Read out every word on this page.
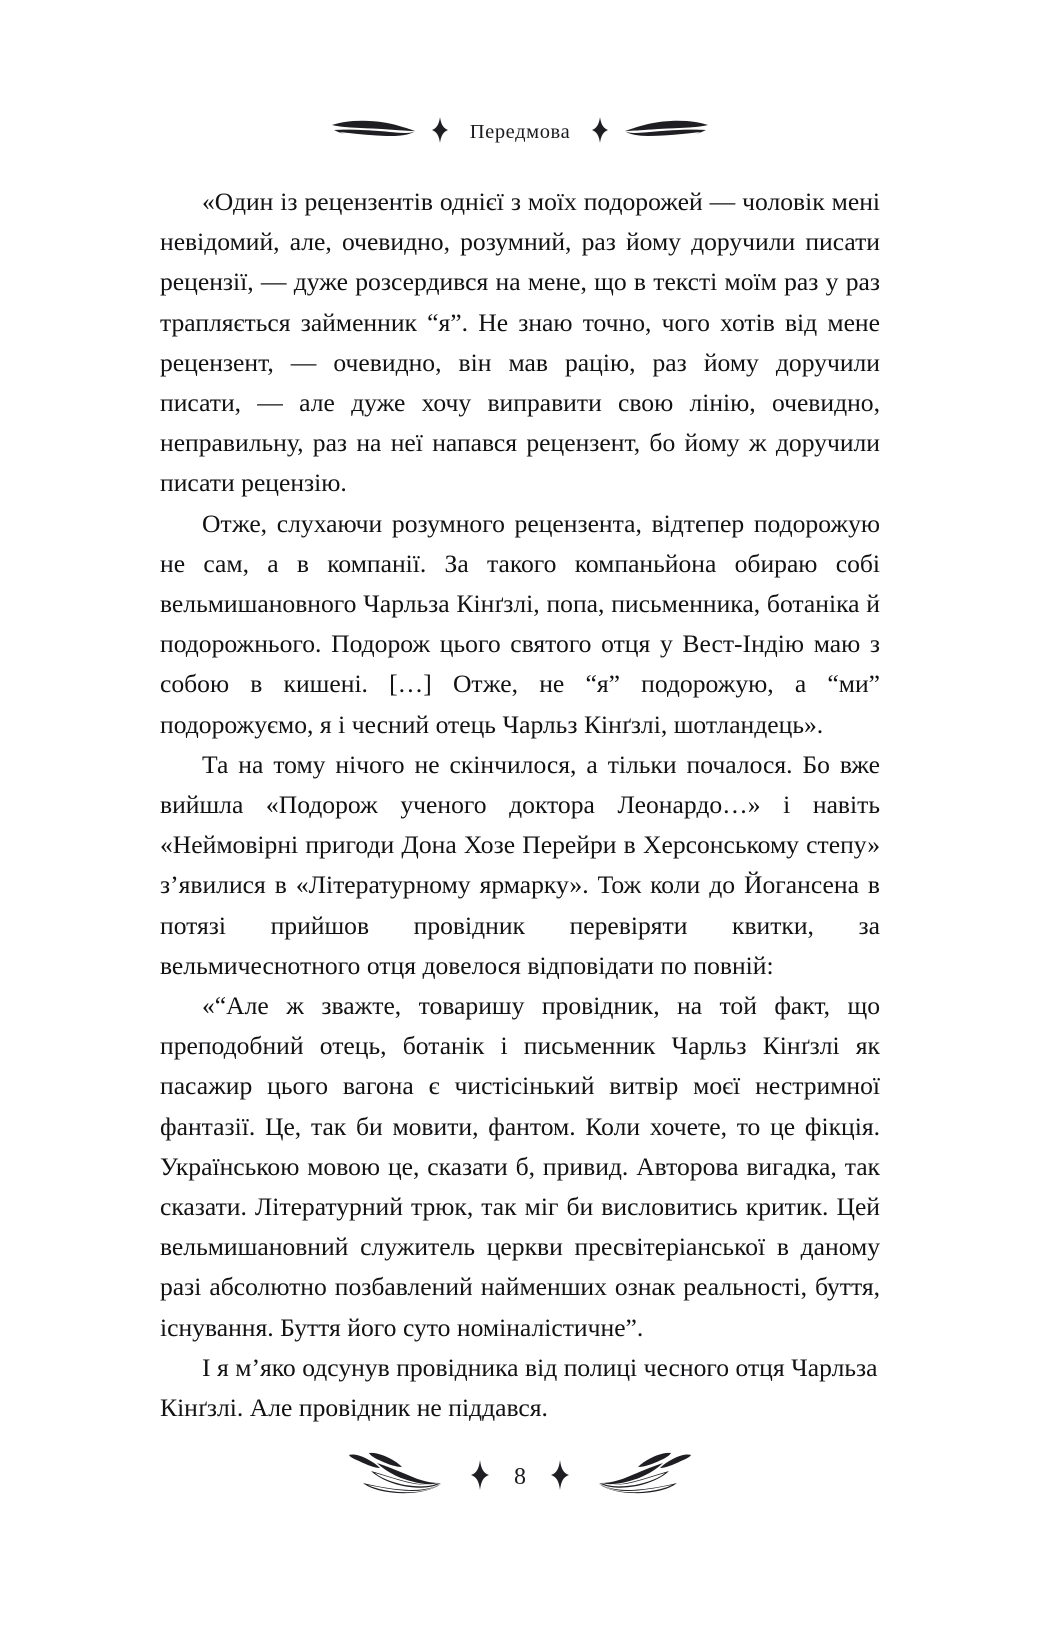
Передмова

«Один із рецензентів однієї з моїх подорожей — чоловік мені невідомий, але, очевидно, розумний, раз йому доручили писати рецензії, — дуже розсердився на мене, що в тексті моїм раз у раз трапляється займенник “я”. Не знаю точно, чого хотів від мене рецензент, — очевидно, він мав рацію, раз йому доручили писати, — але дуже хочу виправити свою лінію, очевидно, неправильну, раз на неї напався рецензент, бо йому ж доручили писати рецензію.

Отже, слухаючи розумного рецензента, відтепер подорожую не сам, а в компанії. За такого компаньйона обираю собі вельмишановного Чарльза Кінґзлі, попа, письменника, ботаніка й подорожнього. Подорож цього святого отця у Вест-Індію маю з собою в кишені. […] Отже, не “я” подорожую, а “ми” подорожуємо, я і чесний отець Чарльз Кінґзлі, шотландець».

Та на тому нічого не скінчилося, а тільки почалося. Бо вже вийшла «Подорож ученого доктора Леонардо…» і навіть «Неймовірні пригоди Дона Хозе Перейри в Херсонському степу» з’явилися в «Літературному ярмарку». Тож коли до Йогансена в потязі прийшов провідник перевіряти квитки, за вельмичеснотного отця довелося відповідати по повній:

«“Але ж зважте, товаришу провідник, на той факт, що преподобний отець, ботанік і письменник Чарльз Кінґзлі як пасажир цього вагона є чистісінький витвір моєї нестримної фантазії. Це, так би мовити, фантом. Коли хочете, то це фікція. Українською мовою це, сказати б, привид. Авторова вигадка, так сказати. Літературний трюк, так міг би висловитись критик. Цей вельмишановний служитель церкви пресвітеріанської в даному разі абсолютно позбавлений найменших ознак реальності, буття, існування. Буття його суто номіналістичне”.

І я м’яко одсунув провідника від полиці чесного отця Чарльза Кінґзлі. Але провідник не піддався.

8
